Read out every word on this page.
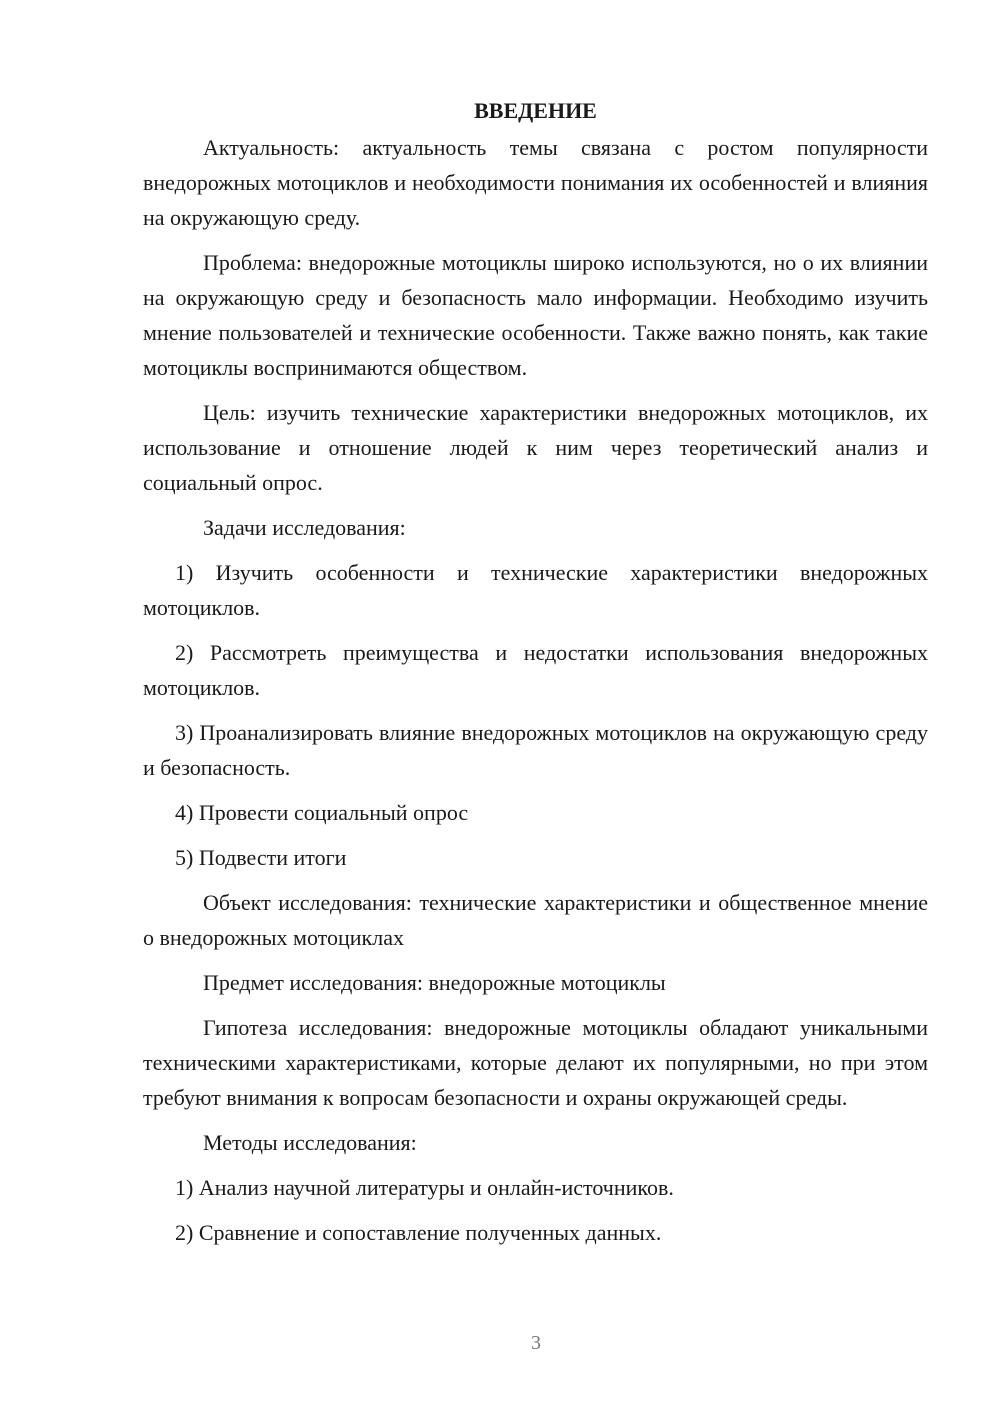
ВВЕДЕНИЕ

Актуальность: актуальность темы связана с ростом популярности внедорожных мотоциклов и необходимости понимания их особенностей и влияния на окружающую среду.

Проблема: внедорожные мотоциклы широко используются, но о их влиянии на окружающую среду и безопасность мало информации. Необходимо изучить мнение пользователей и технические особенности. Также важно понять, как такие мотоциклы воспринимаются обществом.

Цель: изучить технические характеристики внедорожных мотоциклов, их использование и отношение людей к ним через теоретический анализ и социальный опрос.

Задачи исследования:

1) Изучить особенности и технические характеристики внедорожных мотоциклов.

2) Рассмотреть преимущества и недостатки использования внедорожных мотоциклов.

3) Проанализировать влияние внедорожных мотоциклов на окружающую среду и безопасность.

4) Провести социальный опрос

5) Подвести итоги

Объект исследования: технические характеристики и общественное мнение о внедорожных мотоциклах

Предмет исследования: внедорожные мотоциклы

Гипотеза исследования: внедорожные мотоциклы обладают уникальными техническими характеристиками, которые делают их популярными, но при этом требуют внимания к вопросам безопасности и охраны окружающей среды.

Методы исследования:

1) Анализ научной литературы и онлайн-источников.

2) Сравнение и сопоставление полученных данных.

3
